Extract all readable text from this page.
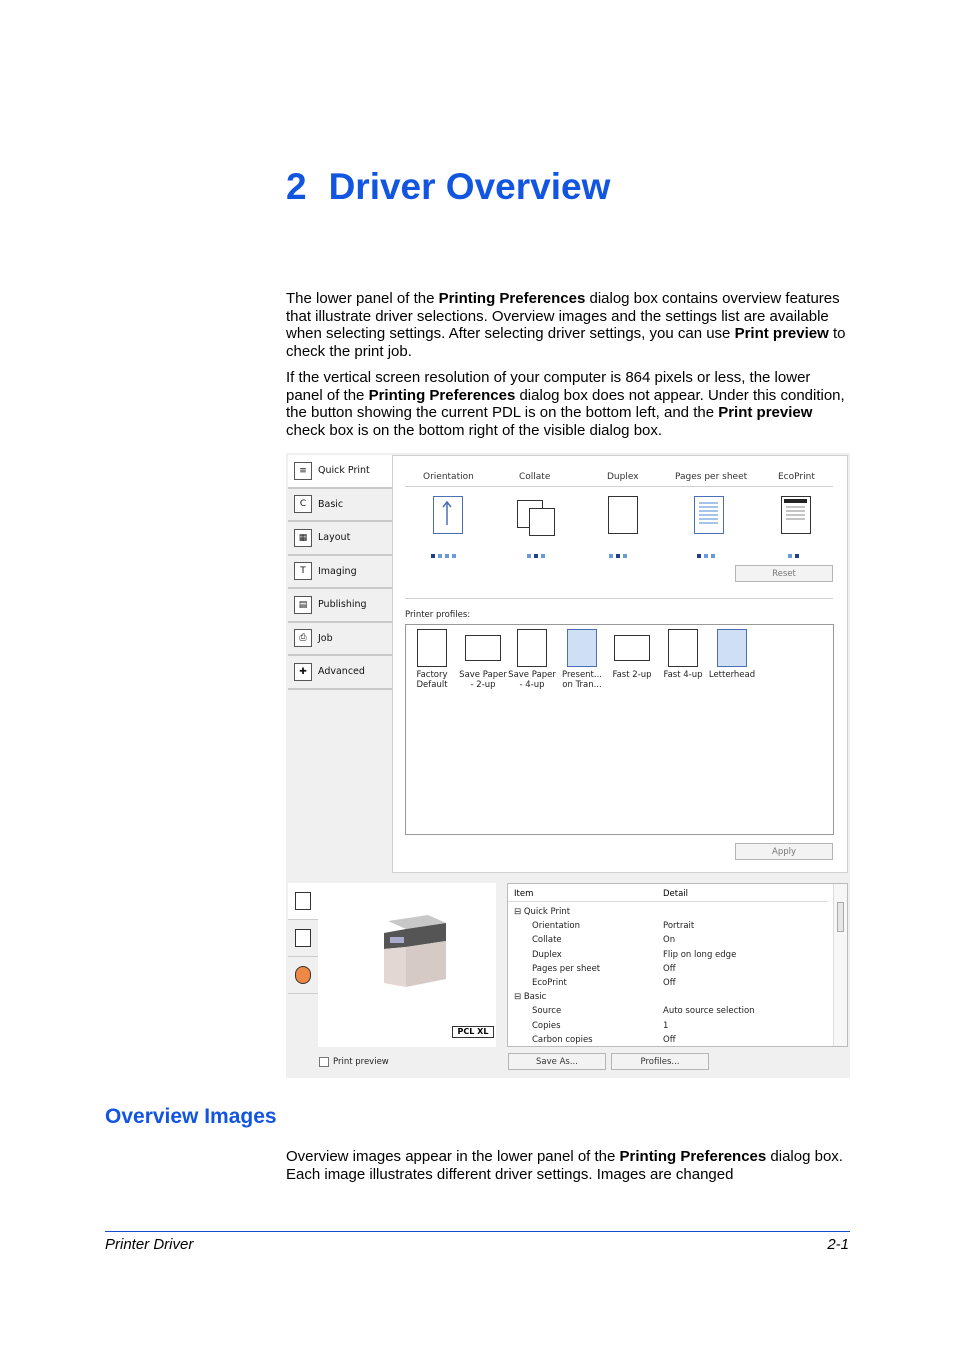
2 Driver Overview
The lower panel of the Printing Preferences dialog box contains overview features that illustrate driver selections. Overview images and the settings list are available when selecting settings. After selecting driver settings, you can use Print preview to check the print job.
If the vertical screen resolution of your computer is 864 pixels or less, the lower panel of the Printing Preferences dialog box does not appear. Under this condition, the button showing the current PDL is on the bottom left, and the Print preview check box is on the bottom right of the visible dialog box.
≡	Quick Print
C	Basic
▦	Layout
T	Imaging
▤	Publishing
⎙	Job
✚	Advanced
Orientation	Collate	Duplex	Pages per sheet	EcoPrint
Reset
Printer profiles:
Factory
Default
Save Paper
- 2-up
Save Paper
- 4-up
Present...
on Tran...
Fast 2-up	Fast 4-up Letterhead
Apply
PCL XL
Item	Detail
⊟ Quick Print
Orientation	Portrait
Collate	On
Duplex	Flip on long edge
Pages per sheet	Off
EcoPrint	Off
⊟ Basic
Source	Auto source selection
Copies	1
Carbon copies	Off
Print preview	Save As...	Profiles...
Overview Images
Overview images appear in the lower panel of the Printing Preferences dialog box. Each image illustrates different driver settings. Images are changed
Printer Driver	2-1
